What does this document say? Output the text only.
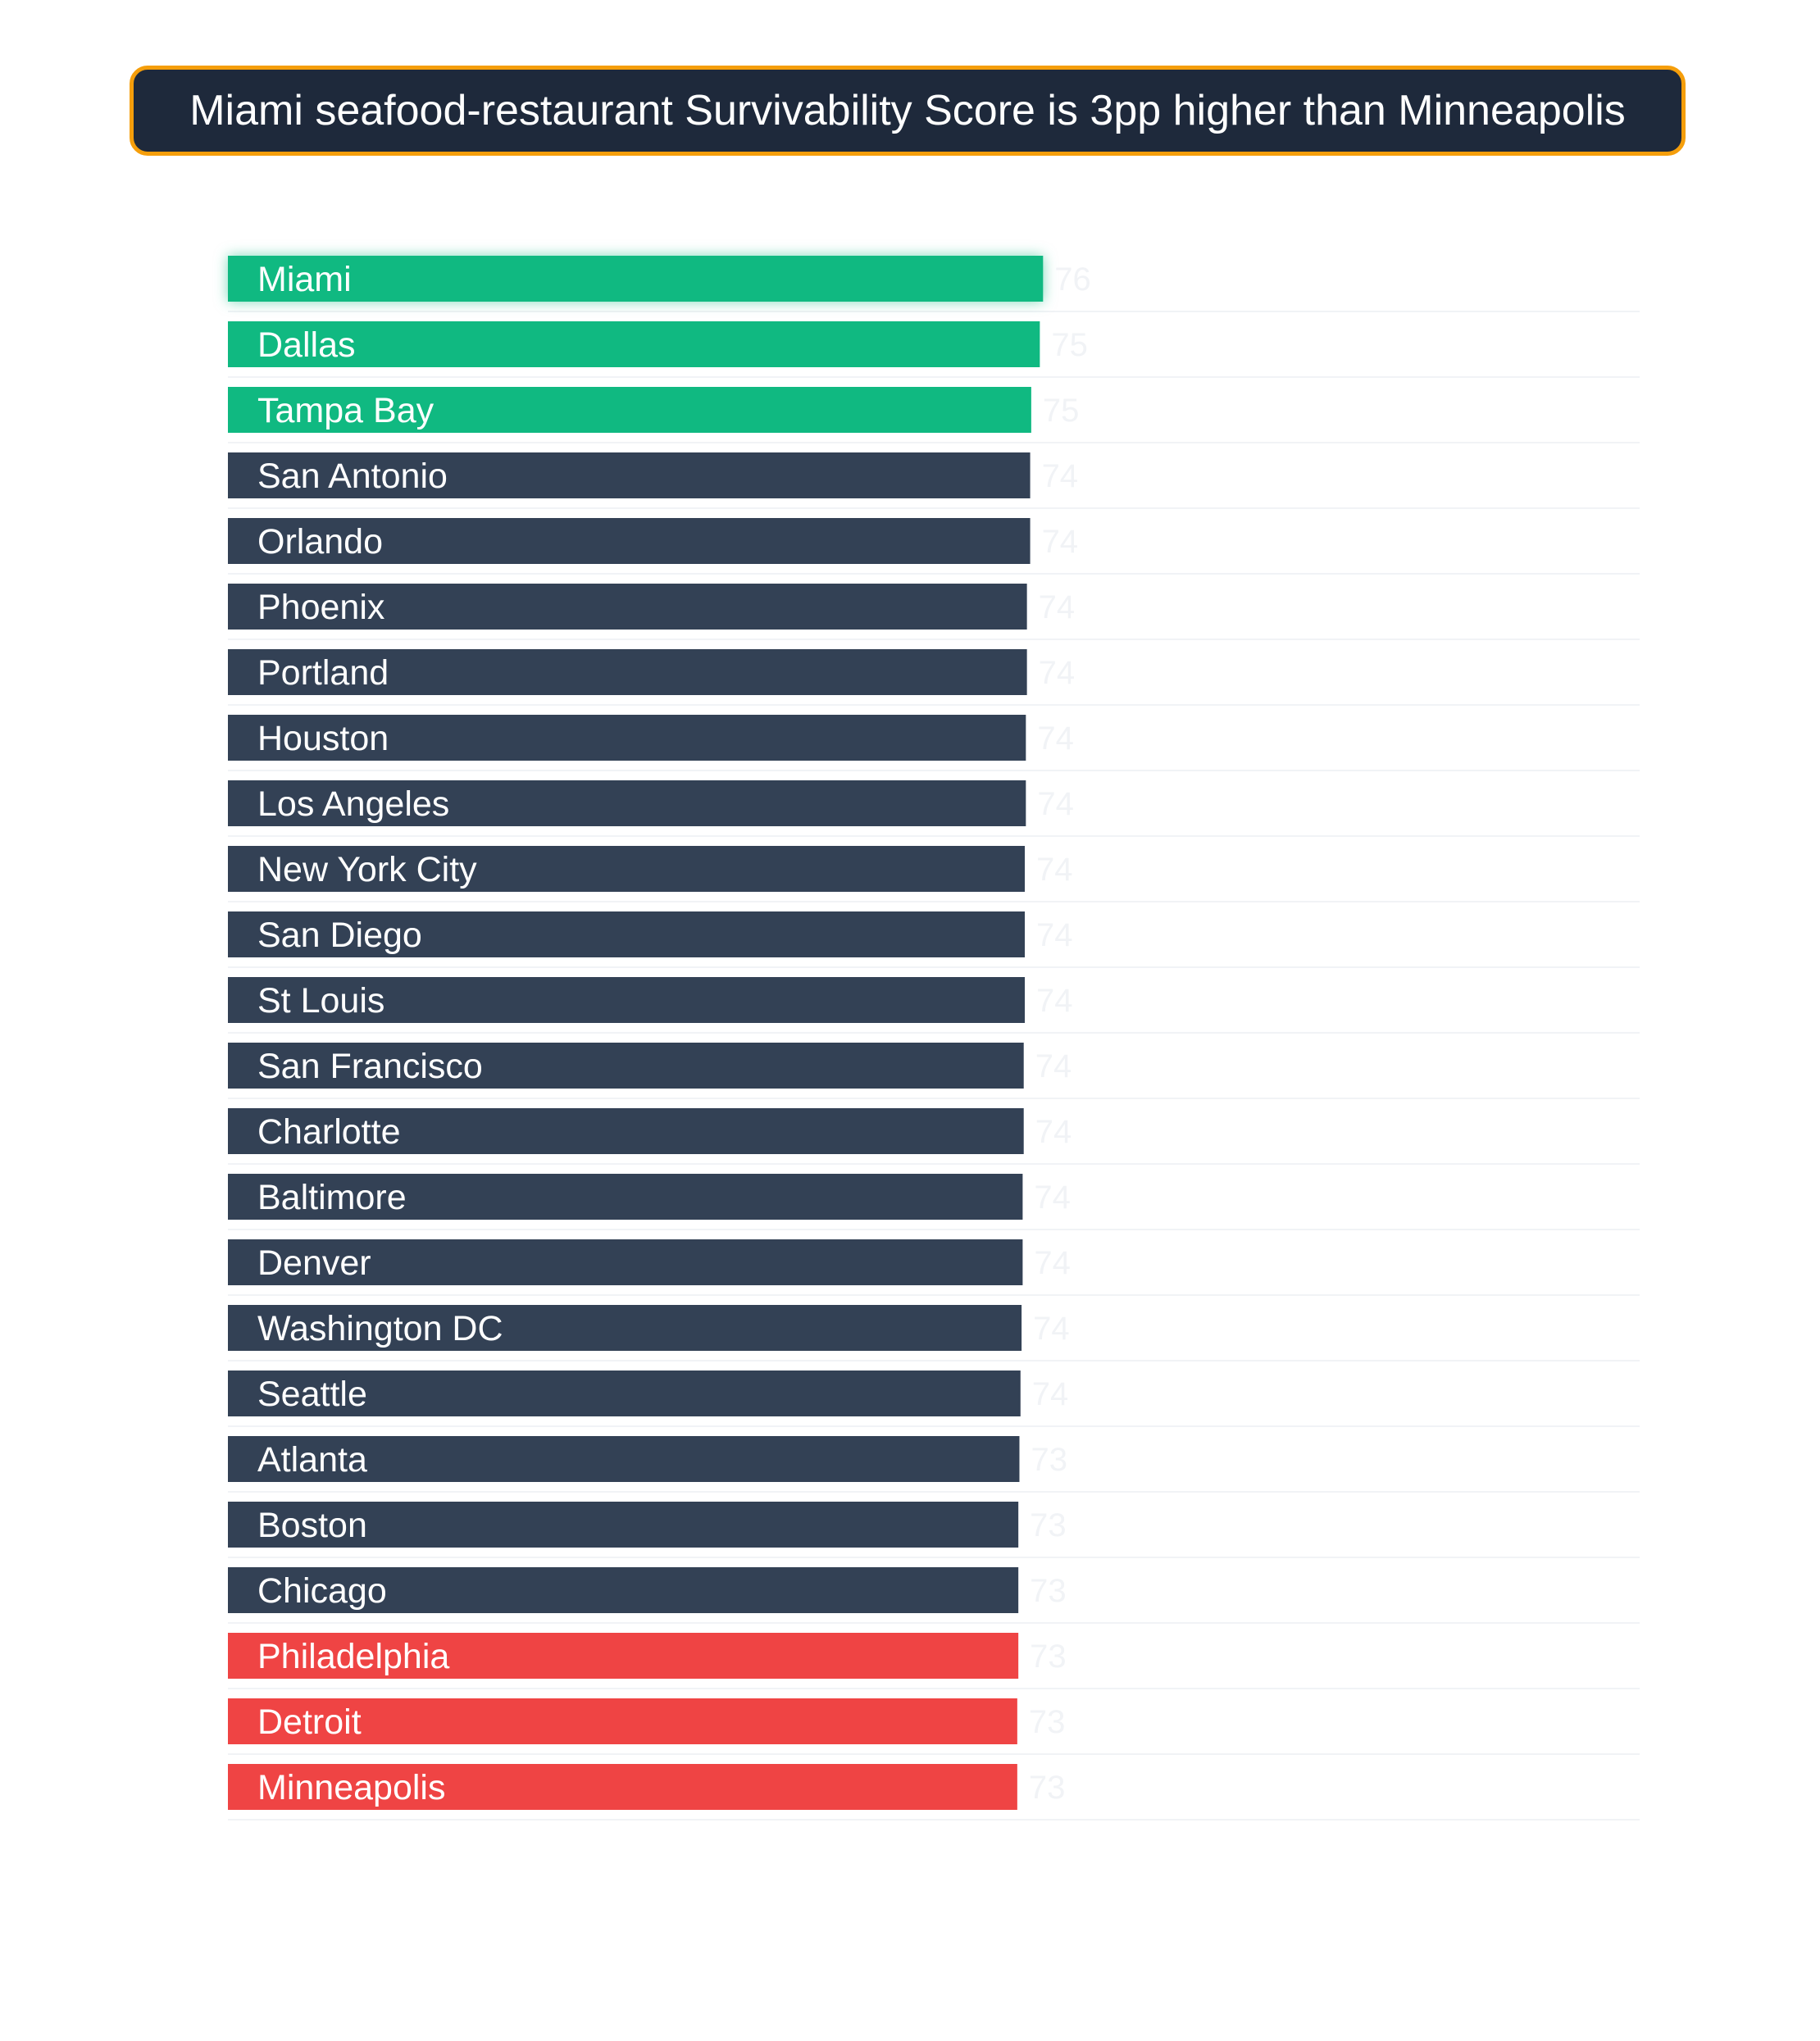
Miami seafood-restaurant Survivability Score is 3pp higher than Minneapolis
Miami	76
Dallas	75
Tampa Bay	75
San Antonio	74
Orlando	74
Phoenix	74
Portland	74
Houston	74
Los Angeles	74
New York City	74
San Diego	74
St Louis	74
San Francisco	74
Charlotte	74
Baltimore	74
Denver	74
Washington DC	74
Seattle	74
Atlanta	73
Boston	73
Chicago	73
Philadelphia	73
Detroit	73
Minneapolis	73
